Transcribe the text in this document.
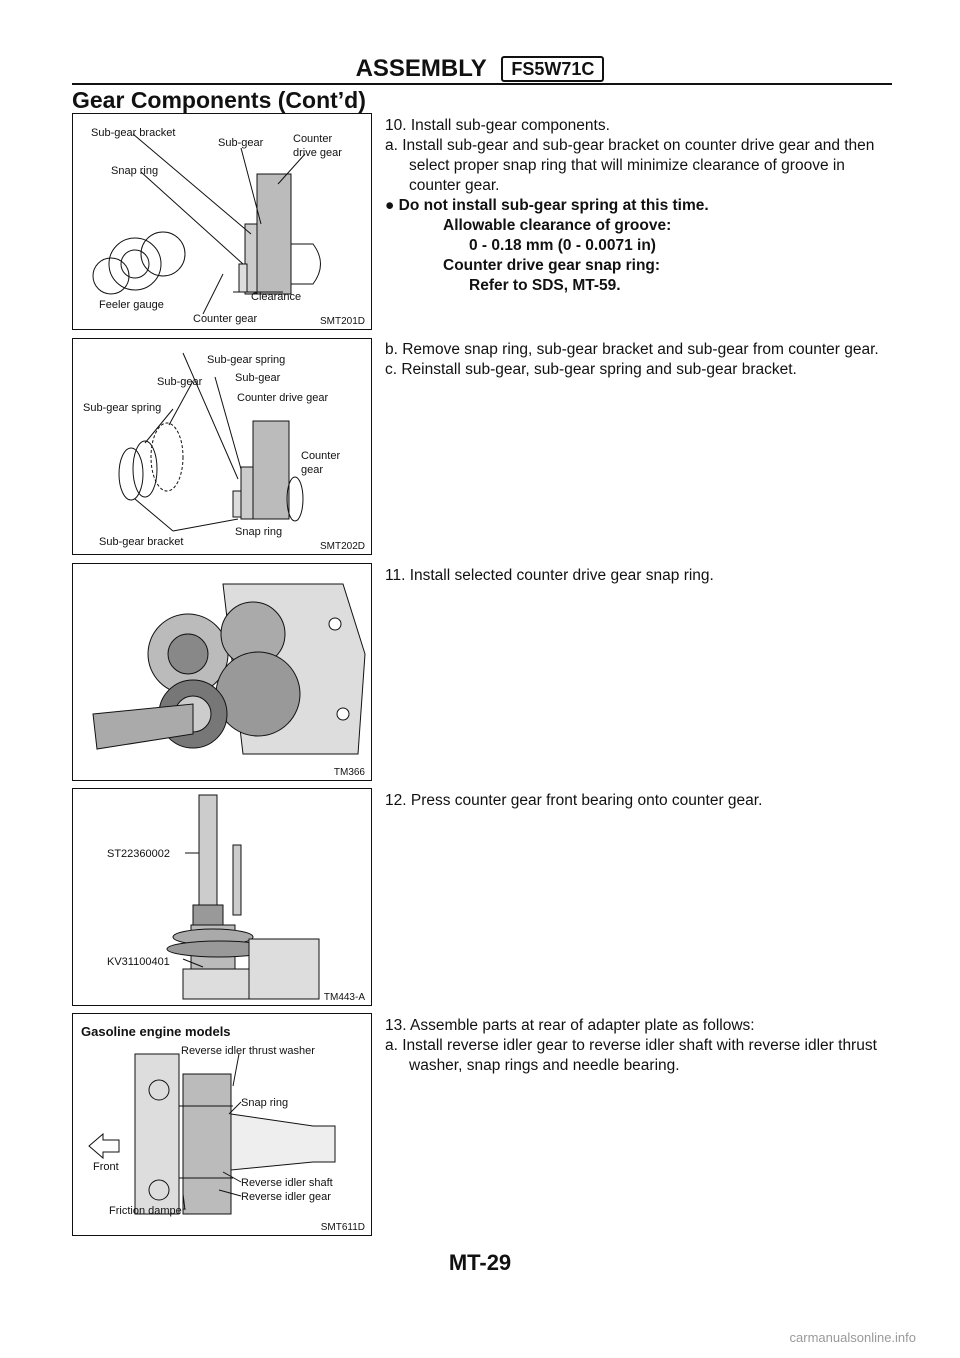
ASSEMBLY FS5W71C
Gear Components (Cont’d)
Sub-gear bracket
Sub-gear	Counter
drive gear
Snap ring
Clearance
Feeler gauge
Counter gear	SMT201D
Sub-gear spring
Sub-gear	Sub-gear
Sub-gear spring
Counter drive gear
Counter
gear
Sub-gear bracket
Snap ring
SMT202D
TM366
ST22360002
KV31100401
TM443-A
Gasoline engine models
Reverse idler thrust washer
Snap ring
Front
Reverse idler shaft
Reverse idler gear
Friction damper
SMT611D

10. Install sub-gear components.

a. Install sub-gear and sub-gear bracket on counter drive gear and then select proper snap ring that will minimize clearance of groove in counter gear.

● Do not install sub-gear spring at this time.

Allowable clearance of groove:

0 - 0.18 mm (0 - 0.0071 in)

Counter drive gear snap ring:

Refer to SDS, MT-59.

b. Remove snap ring, sub-gear bracket and sub-gear from counter gear.

c. Reinstall sub-gear, sub-gear spring and sub-gear bracket.

11. Install selected counter drive gear snap ring.

12. Press counter gear front bearing onto counter gear.

13. Assemble parts at rear of adapter plate as follows:

a. Install reverse idler gear to reverse idler shaft with reverse idler thrust washer, snap rings and needle bearing.

MT-29
carmanualsonline.info
